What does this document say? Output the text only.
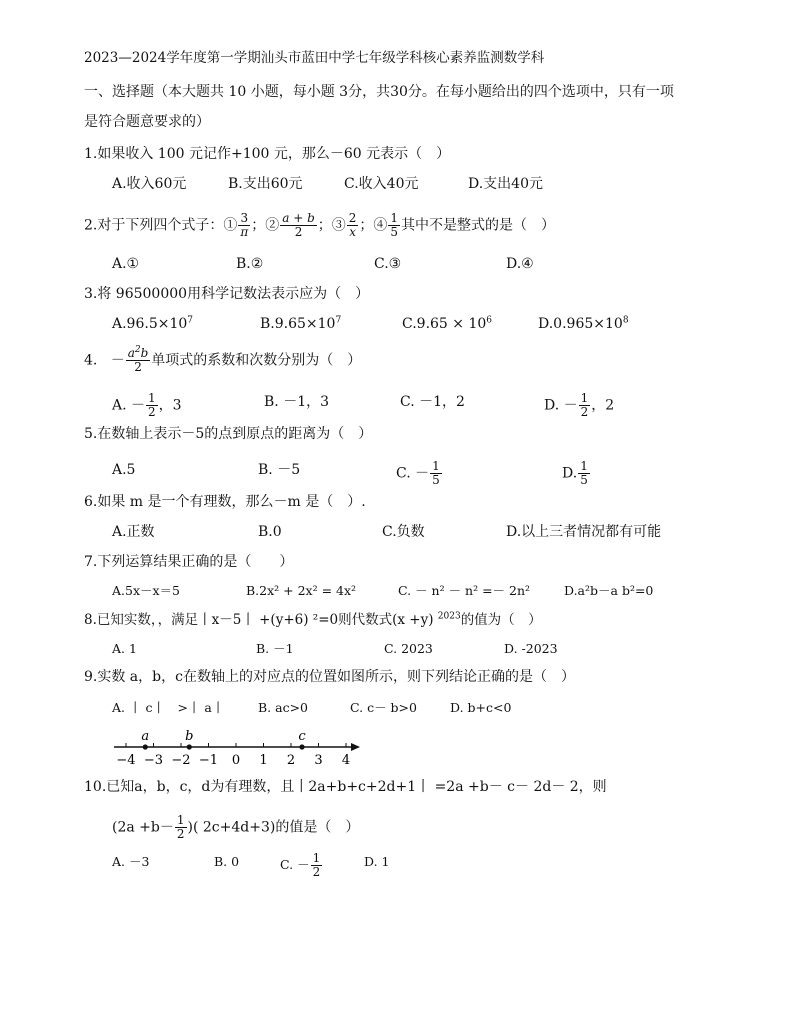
2023—2024学年度第一学期汕头市蓝田中学七年级学科核心素养监测数学科
一、选择题（本大题共 10 小题，每小题 3分，共30分。在每小题给出的四个选项中，只有一项
是符合题意要求的）
1.如果收入 100 元记作+100 元，那么－60 元表示（　）
A.收入60元	B.支出60元	C.收入40元	D.支出40元
2.对于下列四个式子：① $\frac{3}{\pi}$ ；② $\frac{a + b}{2}$ ；③ $\frac{2}{x}$ ；④ $\frac{1}{5}$ 其中不是整式的是（　）
A.①	B.②	C.③	D.④
3.将 96500000用科学记数法表示应为（　）
$A.96.5\times 10^7$	$B.9.65\times 10^7$	$C.9.65 \times 10^6$	$D.0.965\times 10^8$
4. － $\frac{a^2b}{2}$ 单项式的系数和次数分别为（　）
A. － $\frac{1}{2}$ ，3	B. －1，3	C. －1，2	D. － $\frac{1}{2}$ ，2
5.在数轴上表示－5的点到原点的距离为（　）
A.5	B. －5	C. － $\frac{1}{5}$	D. $\frac{1}{5}$
6.如果 m 是一个有理数，那么－m 是（　）.
A.正数	B.0	C.负数	D.以上三者情况都有可能
7.下列运算结果正确的是（　　）
A.5x－x＝5	B.2x² + 2x² = 4x²	C. － n² － n² =－ 2n²	D.a²b－a b²=0
8.已知实数，，满足丨x－5丨 +(y+6) ²=0则代数式(x +y) $^{2023}$的值为（　）
A. 1	B. －1	C. 2023	D. -2023
9.实数 a，b，c在数轴上的对应点的位置如图所示，则下列结论正确的是（　）
A. 丨 c丨　>丨 a丨	B. ac>0	C. c－ b>0	D. b+c<0
−4 −3 −2 −1 0 1 2 3 4
a	b	c
10.已知a，b，c，d为有理数，且丨2a+b+c+2d+1丨 =2a +b－ c－ 2d－ 2，则
($2a +b- \frac{1}{2}$ )( 2c+4d+3)的值是（　）
A. －3	B. 0	C. － $\frac{1}{2}$	D. 1
